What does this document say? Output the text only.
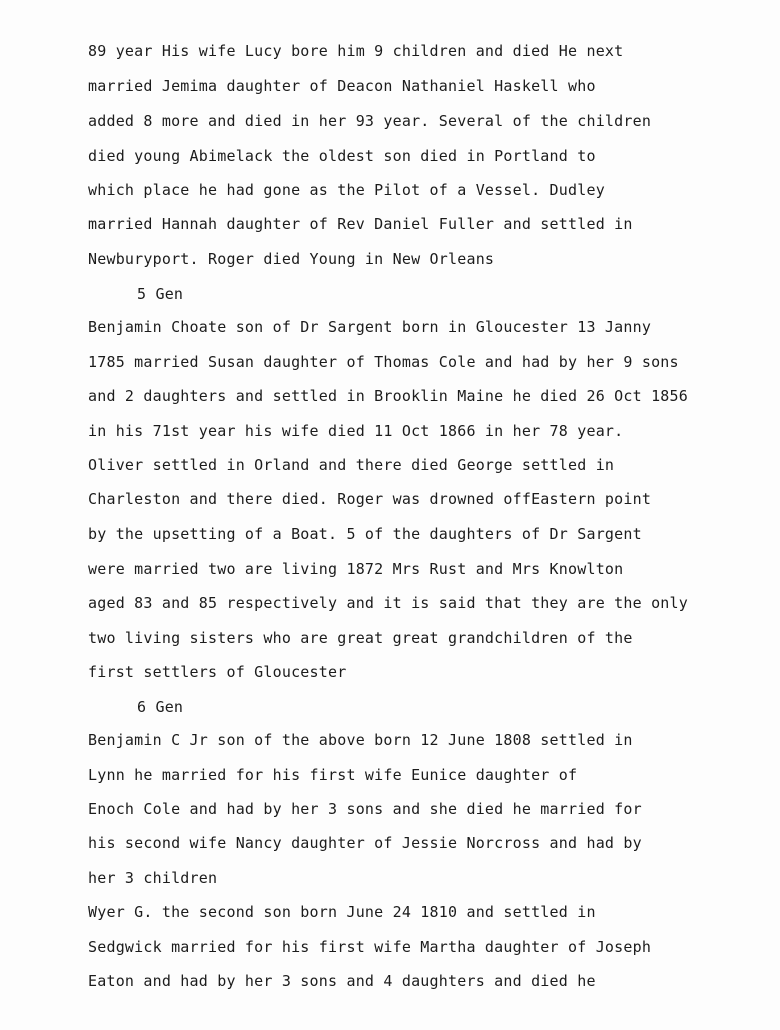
89 year His wife Lucy bore him 9 children and died He next
married Jemima daughter of Deacon Nathaniel Haskell who
added 8 more and died in her 93 year. Several of the children
died young Abimelack the oldest son died in Portland to
which place he had gone as the Pilot of a Vessel. Dudley
married Hannah daughter of Rev Daniel Fuller and settled in
Newburyport. Roger died Young in New Orleans
5 Gen
Benjamin Choate son of Dr Sargent born in Gloucester 13 Janny
1785 married Susan daughter of Thomas Cole and had by her 9 sons
and 2 daughters and settled in Brooklin Maine he died 26 Oct 1856
in his 71st year his wife died 11 Oct 1866 in her 78 year.
Oliver settled in Orland and there died George settled in
Charleston and there died. Roger was drowned offEastern point
by the upsetting of a Boat. 5 of the daughters of Dr Sargent
were married two are living 1872 Mrs Rust and Mrs Knowlton
aged 83 and 85 respectively and it is said that they are the only
two living sisters who are great great grandchildren of the
first settlers of Gloucester
6 Gen
Benjamin C Jr son of the above born 12 June 1808 settled in
Lynn he married for his first wife Eunice daughter of
Enoch Cole and had by her 3 sons and she died he married for
his second wife Nancy daughter of Jessie Norcross and had by
her 3 children
Wyer G. the second son born June 24 1810 and settled in
Sedgwick married for his first wife Martha daughter of Joseph
Eaton and had by her 3 sons and 4 daughters and died he
